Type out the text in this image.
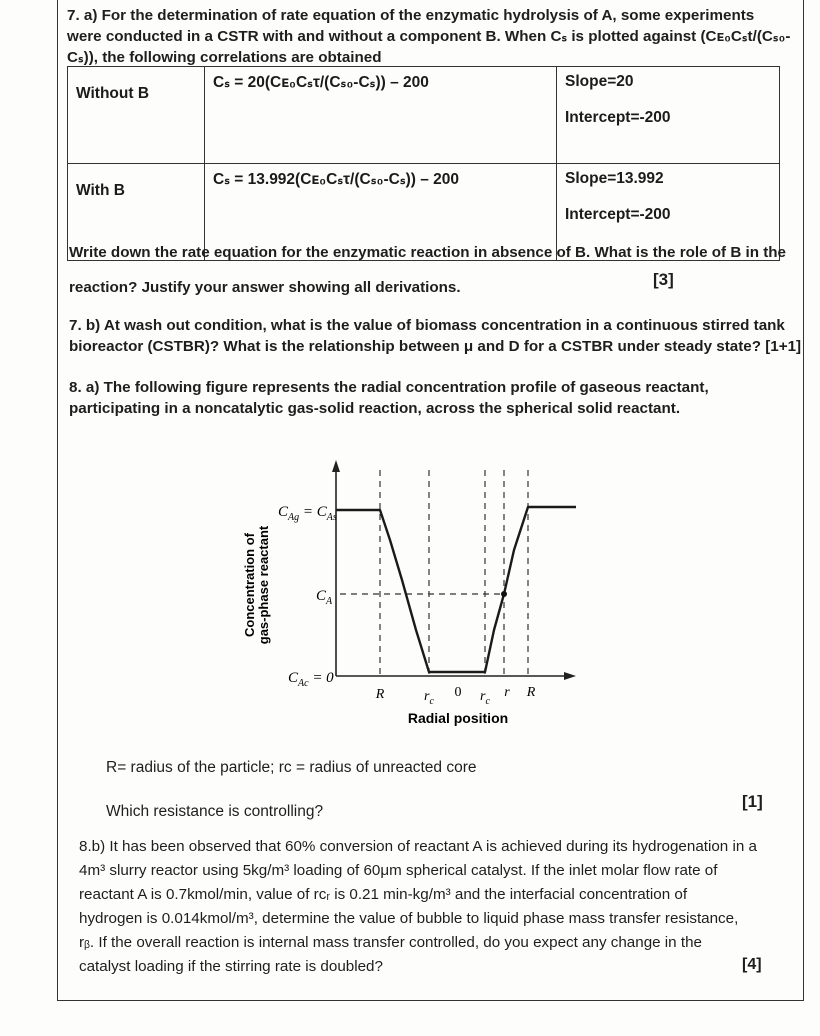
7. a) For the determination of rate equation of the enzymatic hydrolysis of A, some experiments
were conducted in a CSTR with and without a component B. When Cₛ is plotted against (Cᴇ₀Cₛt/(Cₛ₀-
Cₛ)), the following correlations are obtained
Without B	Cₛ = 20(Cᴇ₀Cₛτ/(Cₛ₀-Cₛ)) – 200	Slope=20
Intercept=-200

With B	Cₛ = 13.992(Cᴇ₀Cₛτ/(Cₛ₀-Cₛ)) – 200	Slope=13.992
Intercept=-200
Write down the rate equation for the enzymatic reaction in absence of B. What is the role of B in the
reaction? Justify your answer showing all derivations.	[3]
7. b) At wash out condition, what is the value of biomass concentration in a continuous stirred tank
bioreactor (CSTBR)? What is the relationship between μ and D for a CSTBR under steady state? [1+1]
8. a) The following figure represents the radial concentration profile of gaseous reactant,
participating in a noncatalytic gas-solid reaction, across the spherical solid reactant.
Concentration of gas-phase reactant
$C_{Ag} = C_{As}$
$C_A$
$C_{Ac} = 0$
R	$r_c$
0 $r_c$
r R
Radial position
R= radius of the particle; rᴄ = radius of unreacted core
Which resistance is controlling?
[1]
8.b) It has been observed that 60% conversion of reactant A is achieved during its hydrogenation in a
4m³ slurry reactor using 5kg/m³ loading of 60μm spherical catalyst. If the inlet molar flow rate of
reactant A is 0.7kmol/min, value of rᴄᵣ is 0.21 min-kg/m³ and the interfacial concentration of
hydrogen is 0.014kmol/m³, determine the value of bubble to liquid phase mass transfer resistance,
rᵦ. If the overall reaction is internal mass transfer controlled, do you expect any change in the
catalyst loading if the stirring rate is doubled?	[4]
